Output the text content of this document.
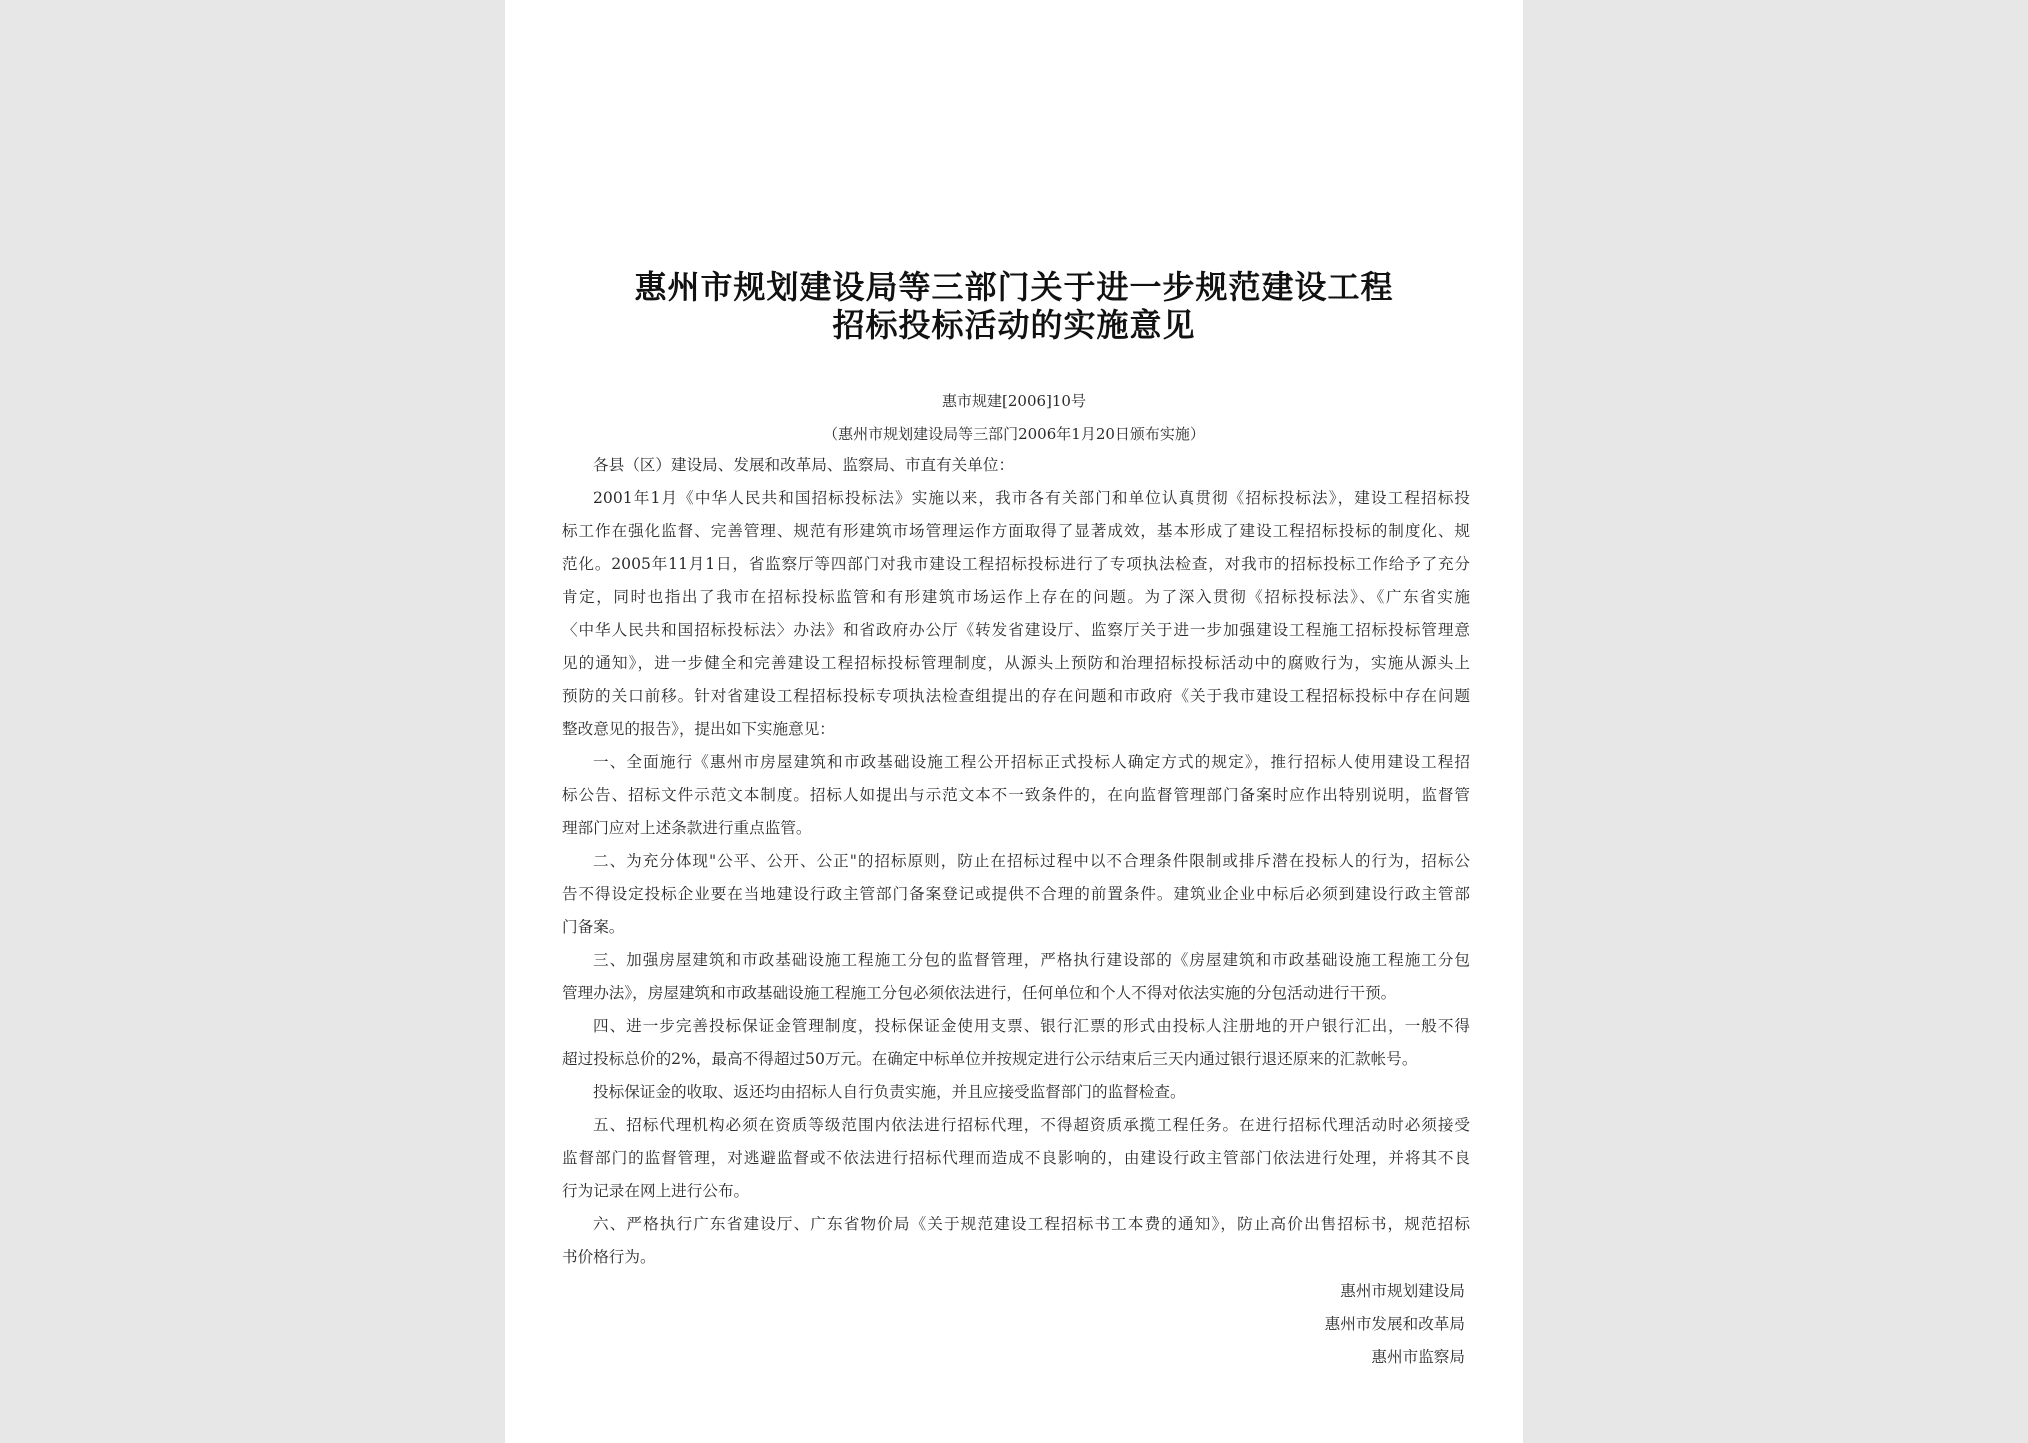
惠州市规划建设局等三部门关于进一步规范建设工程
招标投标活动的实施意见
惠市规建[2006]10号
（惠州市规划建设局等三部门2006年1月20日颁布实施）
各县（区）建设局、发展和改革局、监察局、市直有关单位：
2001年1月《中华人民共和国招标投标法》实施以来，我市各有关部门和单位认真贯彻《招标投标法》，建设工程招标投
标工作在强化监督、完善管理、规范有形建筑市场管理运作方面取得了显著成效，基本形成了建设工程招标投标的制度化、规
范化。2005年11月1日，省监察厅等四部门对我市建设工程招标投标进行了专项执法检查，对我市的招标投标工作给予了充分
肯定，同时也指出了我市在招标投标监管和有形建筑市场运作上存在的问题。为了深入贯彻《招标投标法》、《广东省实施
〈中华人民共和国招标投标法〉办法》和省政府办公厅《转发省建设厅、监察厅关于进一步加强建设工程施工招标投标管理意
见的通知》，进一步健全和完善建设工程招标投标管理制度，从源头上预防和治理招标投标活动中的腐败行为，实施从源头上
预防的关口前移。针对省建设工程招标投标专项执法检查组提出的存在问题和市政府《关于我市建设工程招标投标中存在问题
整改意见的报告》，提出如下实施意见：
一、全面施行《惠州市房屋建筑和市政基础设施工程公开招标正式投标人确定方式的规定》，推行招标人使用建设工程招
标公告、招标文件示范文本制度。招标人如提出与示范文本不一致条件的，在向监督管理部门备案时应作出特别说明，监督管
理部门应对上述条款进行重点监管。
二、为充分体现"公平、公开、公正"的招标原则，防止在招标过程中以不合理条件限制或排斥潜在投标人的行为，招标公
告不得设定投标企业要在当地建设行政主管部门备案登记或提供不合理的前置条件。建筑业企业中标后必须到建设行政主管部
门备案。
三、加强房屋建筑和市政基础设施工程施工分包的监督管理，严格执行建设部的《房屋建筑和市政基础设施工程施工分包
管理办法》，房屋建筑和市政基础设施工程施工分包必须依法进行，任何单位和个人不得对依法实施的分包活动进行干预。
四、进一步完善投标保证金管理制度，投标保证金使用支票、银行汇票的形式由投标人注册地的开户银行汇出，一般不得
超过投标总价的2%，最高不得超过50万元。在确定中标单位并按规定进行公示结束后三天内通过银行退还原来的汇款帐号。
投标保证金的收取、返还均由招标人自行负责实施，并且应接受监督部门的监督检查。
五、招标代理机构必须在资质等级范围内依法进行招标代理，不得超资质承揽工程任务。在进行招标代理活动时必须接受
监督部门的监督管理，对逃避监督或不依法进行招标代理而造成不良影响的，由建设行政主管部门依法进行处理，并将其不良
行为记录在网上进行公布。
六、严格执行广东省建设厅、广东省物价局《关于规范建设工程招标书工本费的通知》，防止高价出售招标书，规范招标
书价格行为。
惠州市规划建设局
惠州市发展和改革局
惠州市监察局
